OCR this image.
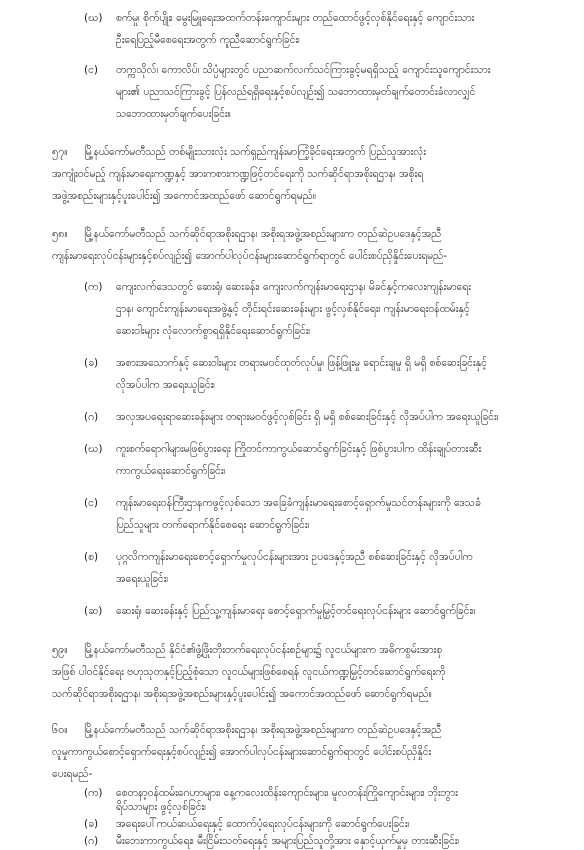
(ဃ) စက်မှု၊ စိုက်ပျိုး၊ မွေးမြူရေးအထက်တန်းကျောင်းများ တည်ထောင်ဖွင့်လှစ်နိုင်ရေးနှင့် ကျောင်းသား
ဦးရေပြည့်မီစေရေးအတွက် ကူညီဆောင်ရွက်ခြင်း၊
(င) တက္ကသိုလ်၊ ကောလိပ်၊ သိပ္ပံများတွင် ပညာဆက်လက်သင်ကြားခွင့်မရရှိသည့် ကျောင်းသူကျောင်းသား
များ၏ ပညာသင်ကြားခွင့် ပြန်လည်ရရှိရေးနှင့်စပ်လျဉ်း၍ သဘောထားမှတ်ချက်တောင်းခံလာလျှင်
သဘောထားမှတ်ချက်ပေးခြင်း။
၅၇။ မြို့နယ်ကော်မတီသည် တစ်မျိုးသားလုံး သက်ရှည်ကျန်းမာကြံ့ခိုင်ရေးအတွက် ပြည်သူအားလုံး
အကျုံးဝင်မည့် ကျန်းမာရေးကဏ္ဍနှင့် အားကစားကဏ္ဍဖြင့်တင်ရေးကို သက်ဆိုင်ရာအစိုးရဌာန၊ အစိုးရ
အဖွဲ့အစည်းများနှင့်ပူးပေါင်း၍ အကောင်အထည်ဖော် ဆောင်ရွက်ရမည်။
၅၈။ မြို့နယ်ကော်မတီသည် သက်ဆိုင်ရာအစိုးရဌာန၊ အစိုးရအဖွဲ့အစည်းများက တည်ဆဲဥပဒေနှင့်အညီ
ကျန်းမာရေးလုပ်ငန်းများနှင့်စပ်လျဉ်း၍ အောက်ပါလုပ်ငန်းများဆောင်ရွက်ရာတွင် ပေါင်းစပ်ညှိနှိုင်းပေးရမည်-
(က) ကျေးလက်ဒေသတွင် ဆေးရုံ၊ ဆေးခန်း၊ ကျေးလက်ကျန်းမာရေးဌာန၊ မိခင်နှင့်ကလေးကျန်းမာရေး
ဌာန၊ ကျောင်းကျန်းမာရေးအဖွဲ့နှင့် တိုင်းရင်းဆေးခန်းများ ဖွင့်လှစ်နိုင်ရေး၊ ကျန်းမာရေးဝန်ထမ်းနှင့်
ဆေးဝါးများ လုံလောက်စွာရရှိနိုင်ရေးဆောင်ရွက်ခြင်း၊
(ခ) အစားအသောက်နှင့် ဆေးဝါးများ တရားမဝင်ထုတ်လုပ်မှု၊ ဖြန့်ဖြူးမှု ရောင်းချမှု ရှိ မရှိ စစ်ဆေးခြင်းနှင့်
လိုအပ်ပါက အရေးယူခြင်း၊
(ဂ) အလှအပရေးရာဆေးခန်းများ တရားမဝင်ဖွင့်လှစ်ခြင်း ရှိ မရှိ စစ်ဆေးခြင်းနှင့် လိုအပ်ပါက အရေးယူခြင်း၊
(ဃ) ကူးစက်ရောဂါများမဖြစ်ပွားရေး ကြိုတင်ကာကွယ်ဆောင်ရွက်ခြင်းနှင့် ဖြစ်ပွားပါက ထိန်းချုပ်တားဆီး
ကာကွယ်ရေးဆောင်ရွက်ခြင်း၊
(င) ကျန်းမာရေးဝန်ကြီးဌာနကဖွင့်လှစ်သော အခြေခံကျန်းမာရေးစောင့်ရှောက်မှုသင်တန်းများကို ဒေသခံ
ပြည်သူများ တက်ရောက်နိုင်စေရေး ဆောင်ရွက်ခြင်း၊
(စ) ပုဂ္ဂလိကကျန်းမာရေးစောင့်ရှောက်မှုလုပ်ငန်းများအား ဥပဒေနှင့်အညီ စစ်ဆေးခြင်းနှင့် လိုအပ်ပါက
အရေးယူခြင်း၊
(ဆ) ဆေးရုံ၊ ဆေးခန်းနှင့် ပြည်သူ့ကျန်းမာရေး စောင့်ရှောက်မှုမြှင့်တင်ရေးလုပ်ငန်းများ ဆောင်ရွက်ခြင်း။
၅၉။ မြို့နယ်ကော်မတီသည် နိုင်ငံ၏ဖွံ့ဖြိုးတိုးတက်ရေးလုပ်ငန်းစဉ်များ၌ လူငယ်များက အဓိကစွမ်းအားစု
အဖြစ် ပါဝင်နိုင်ရေး ဗဟုသုတနှင့်ပြည့်စုံသော လူငယ်များဖြစ်စေရန် လူငယ်ကဏ္ဍမြှင့်တင်ဆောင်ရွက်ရေးကို
သက်ဆိုင်ရာအစိုးရဌာန၊ အစိုးရအဖွဲ့အစည်းများနှင့်ပူးပေါင်း၍ အကောင်အထည်ဖော် ဆောင်ရွက်ရမည်။
၆၀။ မြို့နယ်ကော်မတီသည် သက်ဆိုင်ရာအစိုးရဌာန၊ အစိုးရအဖွဲ့အစည်းများက တည်ဆဲဥပဒေနှင့်အညီ
လူမှုကာကွယ်စောင့်ရှောက်ရေးနှင့်စပ်လျဉ်း၍ အောက်ပါလုပ်ငန်းများဆောင်ရွက်ရာတွင် ပေါင်းစပ်ညှိနှိုင်း
ပေးရမည်-
(က) စေတနာ့ဝန်ထမ်းဂေဟာများ၊ နေ့ကလေးထိန်းကျောင်းများ၊ မူလတန်းကြိုကျောင်းများ၊ ဘိုးဘွား
ရိပ်သာများ ဖွင့်လှစ်ခြင်း၊
(ခ) အရေးပေါ်ကယ်ဆယ်ရေးနှင့် ထောက်ပံ့ရေးလုပ်ငန်းများကို ဆောင်ရွက်ပေးခြင်း၊
(ဂ) မီးဘေးကာကွယ်ရေး၊ မီးငြိမ်းသတ်ရေးနှင့် အများပြည်သူတို့အား နှောင့်ယှက်မှုမှ တားဆီးခြင်း၊
